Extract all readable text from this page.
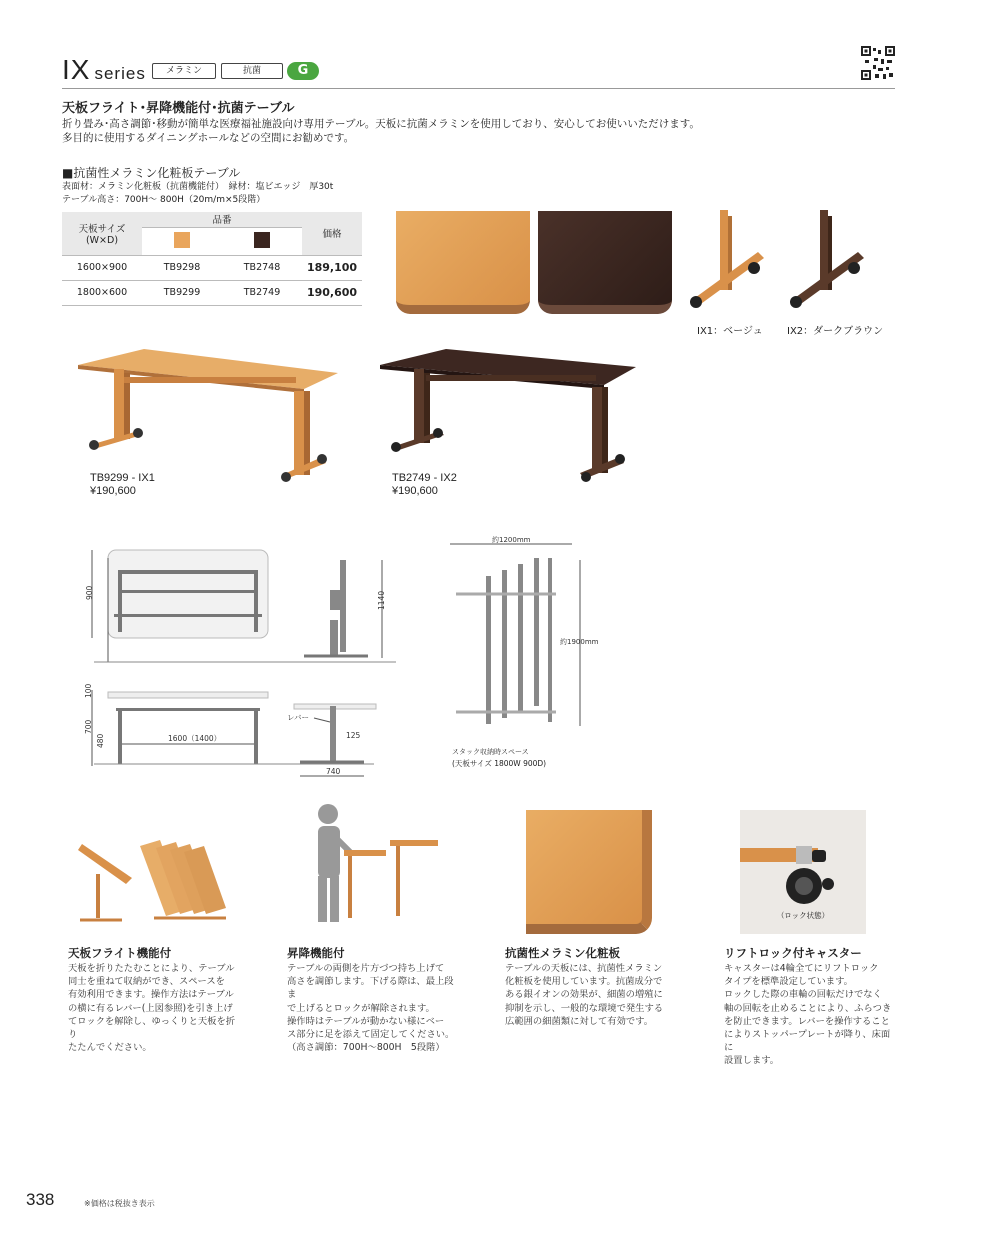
IX series	メラミン	抗菌	G
天板フライト･昇降機能付･抗菌テーブル
折り畳み･高さ調節･移動が簡単な医療福祉施設向け専用テーブル。天板に抗菌メラミンを使用しており、安心してお使いいただけます。
多目的に使用するダイニングホールなどの空間にお勧めです。
■抗菌性メラミン化粧板テーブル
表面材：メラミン化粧板（抗菌機能付）　縁材：塩ビエッジ　厚30t
テーブル高さ：700H～ 800H（20m/m×5段階）
天板サイズ
(W×D)	品番		価格

1600×900	TB9298	TB2748	189,100
1800×600	TB9299	TB2749	190,600
IX1：ベージュ IX2：ダークブラウン
TB9299 - IX1
¥190,600
TB2749 - IX2
¥190,600
900	1140
100
700
480	1600（1400）
レバー
125
740
約1200mm
約1900mm
スタック収納時スペース
(天板サイズ 1800W 900D)
（ロック状態）
天板フライト機能付
天板を折りたたむことにより、テーブル
同士を重ねて収納ができ、スペースを
有効利用できます。操作方法はテーブル
の横に有るレバー(上図参照)を引き上げ
てロックを解除し、ゆっくりと天板を折り
たたんでください。
昇降機能付
テーブルの両側を片方づつ持ち上げて
高さを調節します。下げる際は、最上段ま
で上げるとロックが解除されます。
操作時はテーブルが動かない様にベー
ス部分に足を添えて固定してください。
（高さ調節：700H～800H　5段階）
抗菌性メラミン化粧板
テーブルの天板には、抗菌性メラミン
化粧板を使用しています。抗菌成分で
ある銀イオンの効果が、細菌の増殖に
抑制を示し、一般的な環境で発生する
広範囲の細菌類に対して有効です。
リフトロック付キャスター
キャスターは4輪全てにリフトロック
タイプを標準設定しています。
ロックした際の車輪の回転だけでなく
軸の回転を止めることにより、ふらつき
を防止できます。レバーを操作すること
によりストッパープレートが降り、床面に
設置します。
338	※価格は税抜き表示
